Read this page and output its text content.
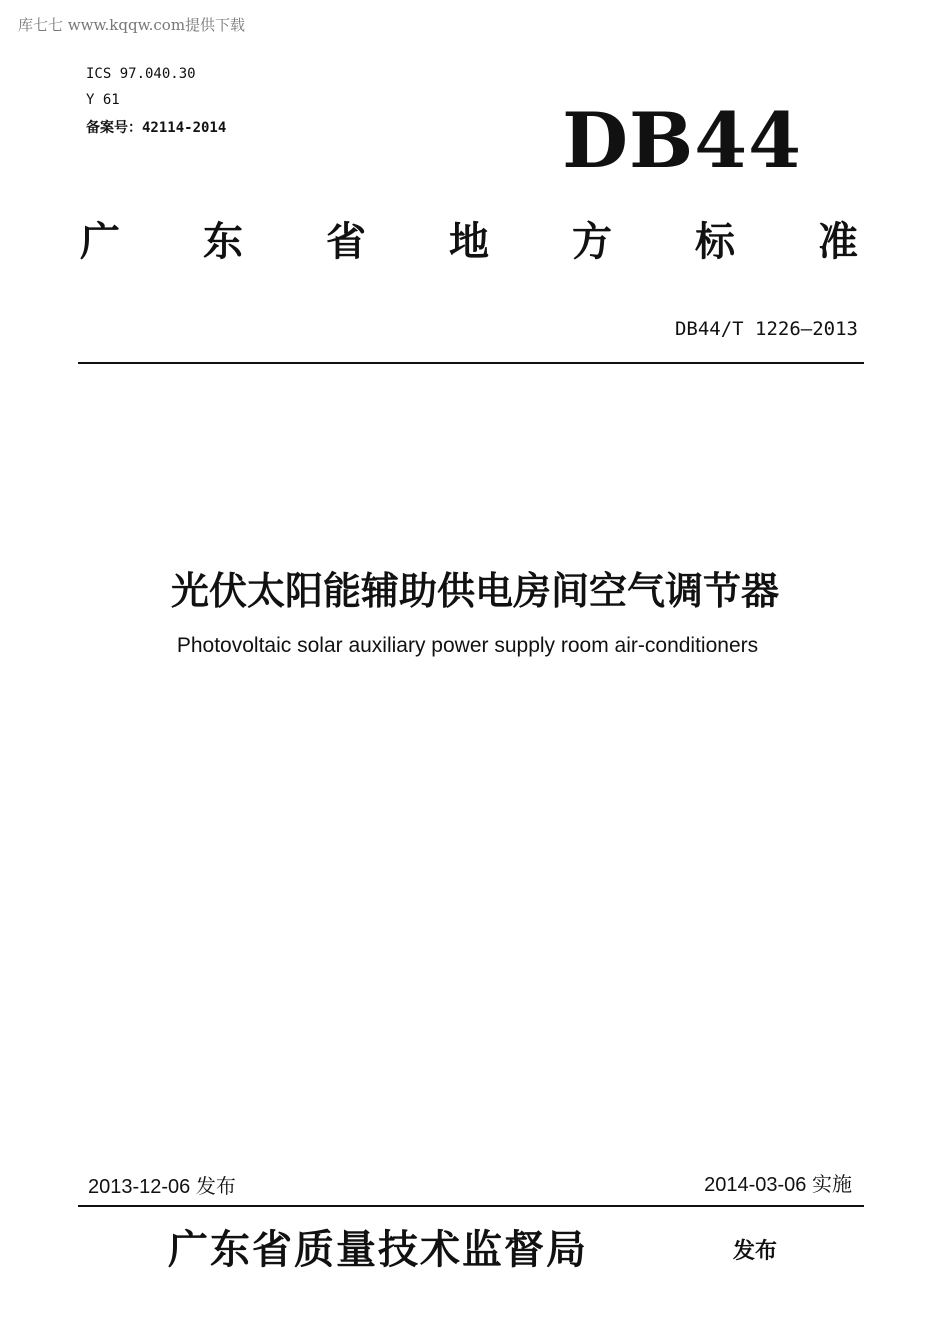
库七七 www.kqqw.com提供下载
ICS 97.040.30
Y 61
备案号：42114-2014	DB44
广 东 省 地 方 标 准
DB44/T 1226—2013
光伏太阳能辅助供电房间空气调节器
Photovoltaic solar auxiliary power supply room air-conditioners
2013-12-06 发布	2014-03-06 实施
广东省质量技术监督局	发布
